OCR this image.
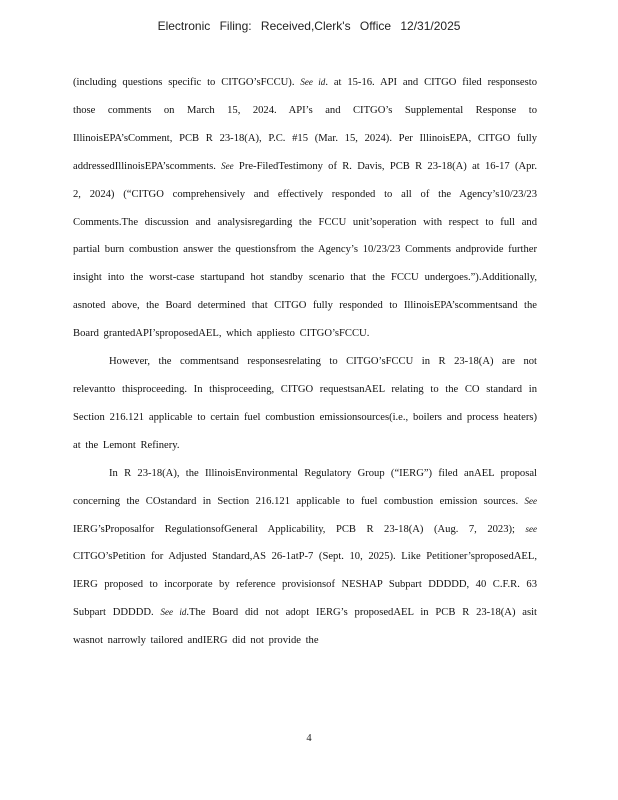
Electronic Filing: Received,Clerk's Office 12/31/2025

(including questions specific to CITGO’sFCCU). See id. at 15-16. API and CITGO filed responsesto those comments on March 15, 2024. API’s and CITGO’s Supplemental Response to IllinoisEPA’sComment, PCB R 23-18(A), P.C. #15 (Mar. 15, 2024). Per IllinoisEPA, CITGO fully addressedIllinoisEPA’scomments. See Pre-FiledTestimony of R. Davis, PCB R 23-18(A) at 16-17 (Apr. 2, 2024) (“CITGO comprehensively and effectively responded to all of the Agency’s10/23/23 Comments.The discussion and analysisregarding the FCCU unit’soperation with respect to full and partial burn combustion answer the questionsfrom the Agency’s 10/23/23 Comments andprovide further insight into the worst-case startupand hot standby scenario that the FCCU undergoes.”).Additionally, asnoted above, the Board determined that CITGO fully responded to IllinoisEPA’scommentsand the Board grantedAPI’sproposedAEL, which appliesto CITGO’sFCCU.

However, the commentsand responsesrelating to CITGO’sFCCU in R 23-18(A) are not relevantto thisproceeding. In thisproceeding, CITGO requestsanAEL relating to the CO standard in Section 216.121 applicable to certain fuel combustion emissionsources(i.e., boilers and process heaters) at the Lemont Refinery.

In R 23-18(A), the IllinoisEnvironmental Regulatory Group (“IERG”) filed anAEL proposal concerning the COstandard in Section 216.121 applicable to fuel combustion emission sources. See IERG’sProposalfor RegulationsofGeneral Applicability, PCB R 23-18(A) (Aug. 7, 2023); see CITGO’sPetition for Adjusted Standard,AS 26-1atP-7 (Sept. 10, 2025). Like Petitioner’sproposedAEL, IERG proposed to incorporate by reference provisionsof NESHAP Subpart DDDDD, 40 C.F.R. 63 Subpart DDDDD. See id.The Board did not adopt IERG’s proposedAEL in PCB R 23-18(A) asit wasnot narrowly tailored andIERG did not provide the

4
